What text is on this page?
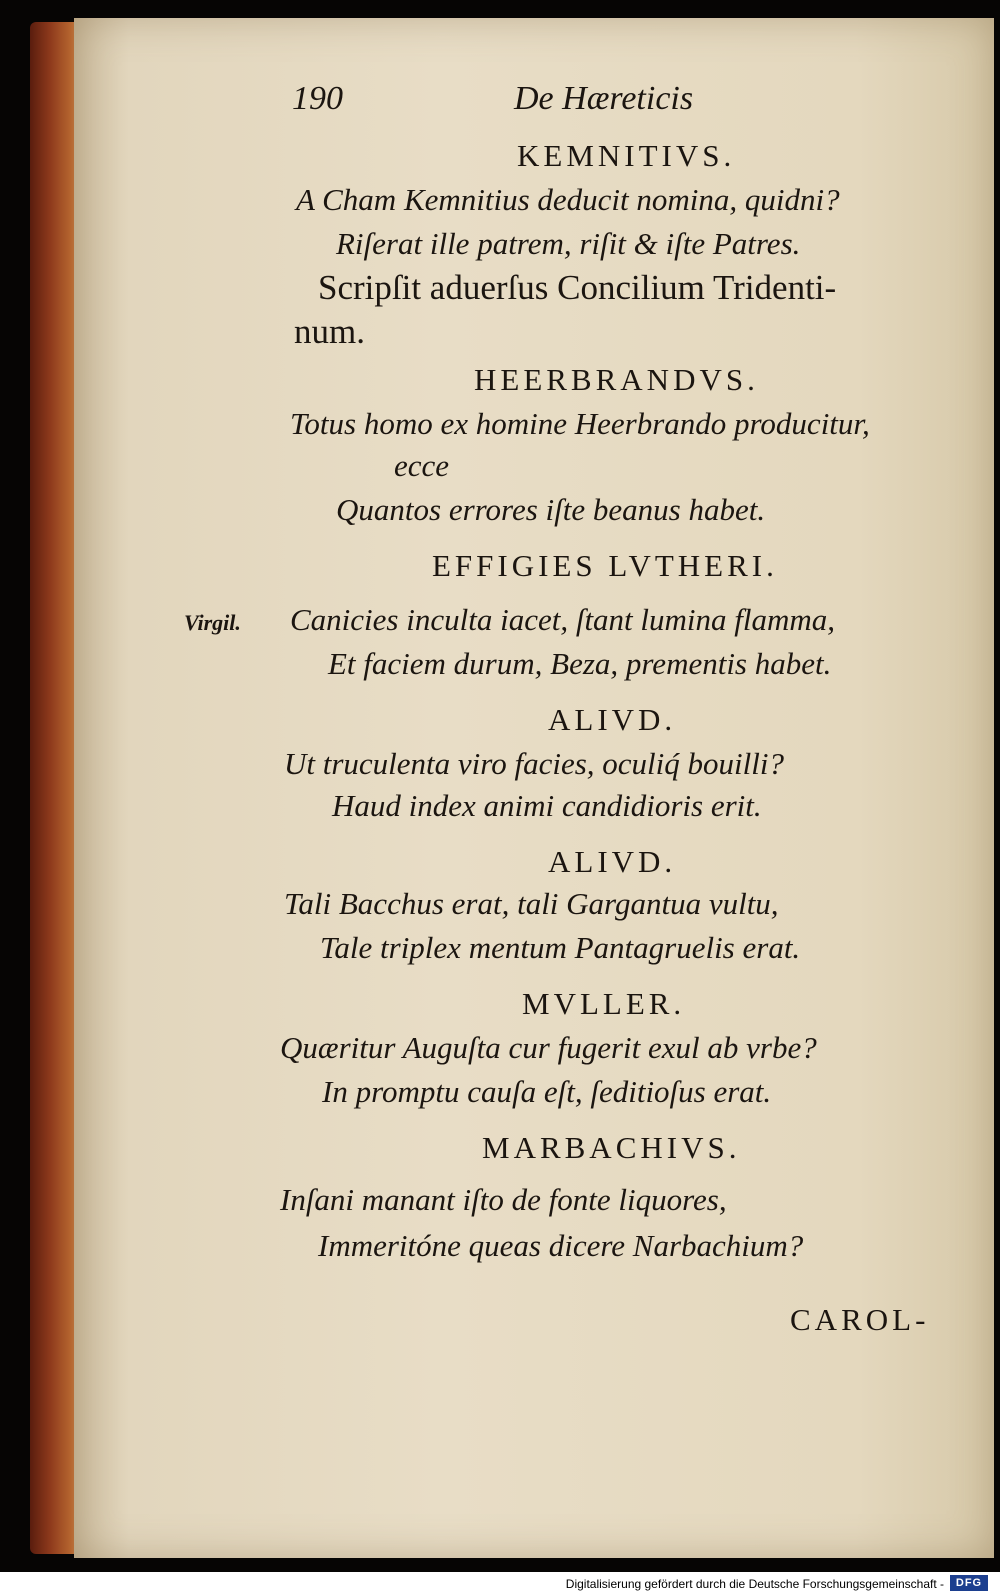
190	De Hæreticis
KEMNITIVS.
A Cham Kemnitius deducit nomina, quidni?
Riſerat ille patrem, riſit & iſte Patres.
Scripſit aduerſus Concilium Tridenti-
num.
HEERBRANDVS.
Totus homo ex homine Heerbrando producitur,
ecce
Quantos errores iſte beanus habet.
EFFIGIES LVTHERI.
Virgil. Canicies inculta iacet, ſtant lumina flamma,
Et faciem durum, Beza, prementis habet.
ALIVD.
Ut truculenta viro facies, oculiq́ bouilli?
Haud index animi candidioris erit.
ALIVD.
Tali Bacchus erat, tali Gargantua vultu,
Tale triplex mentum Pantagruelis erat.
MVLLER.
Quæritur Auguſta cur fugerit exul ab vrbe?
In promptu cauſa eſt, ſeditioſus erat.
MARBACHIVS.
Inſani manant iſto de fonte liquores,
Immeritóne queas dicere Narbachium?
CAROL-
Digitalisierung gefördert durch die Deutsche Forschungsgemeinschaft -	DFG
